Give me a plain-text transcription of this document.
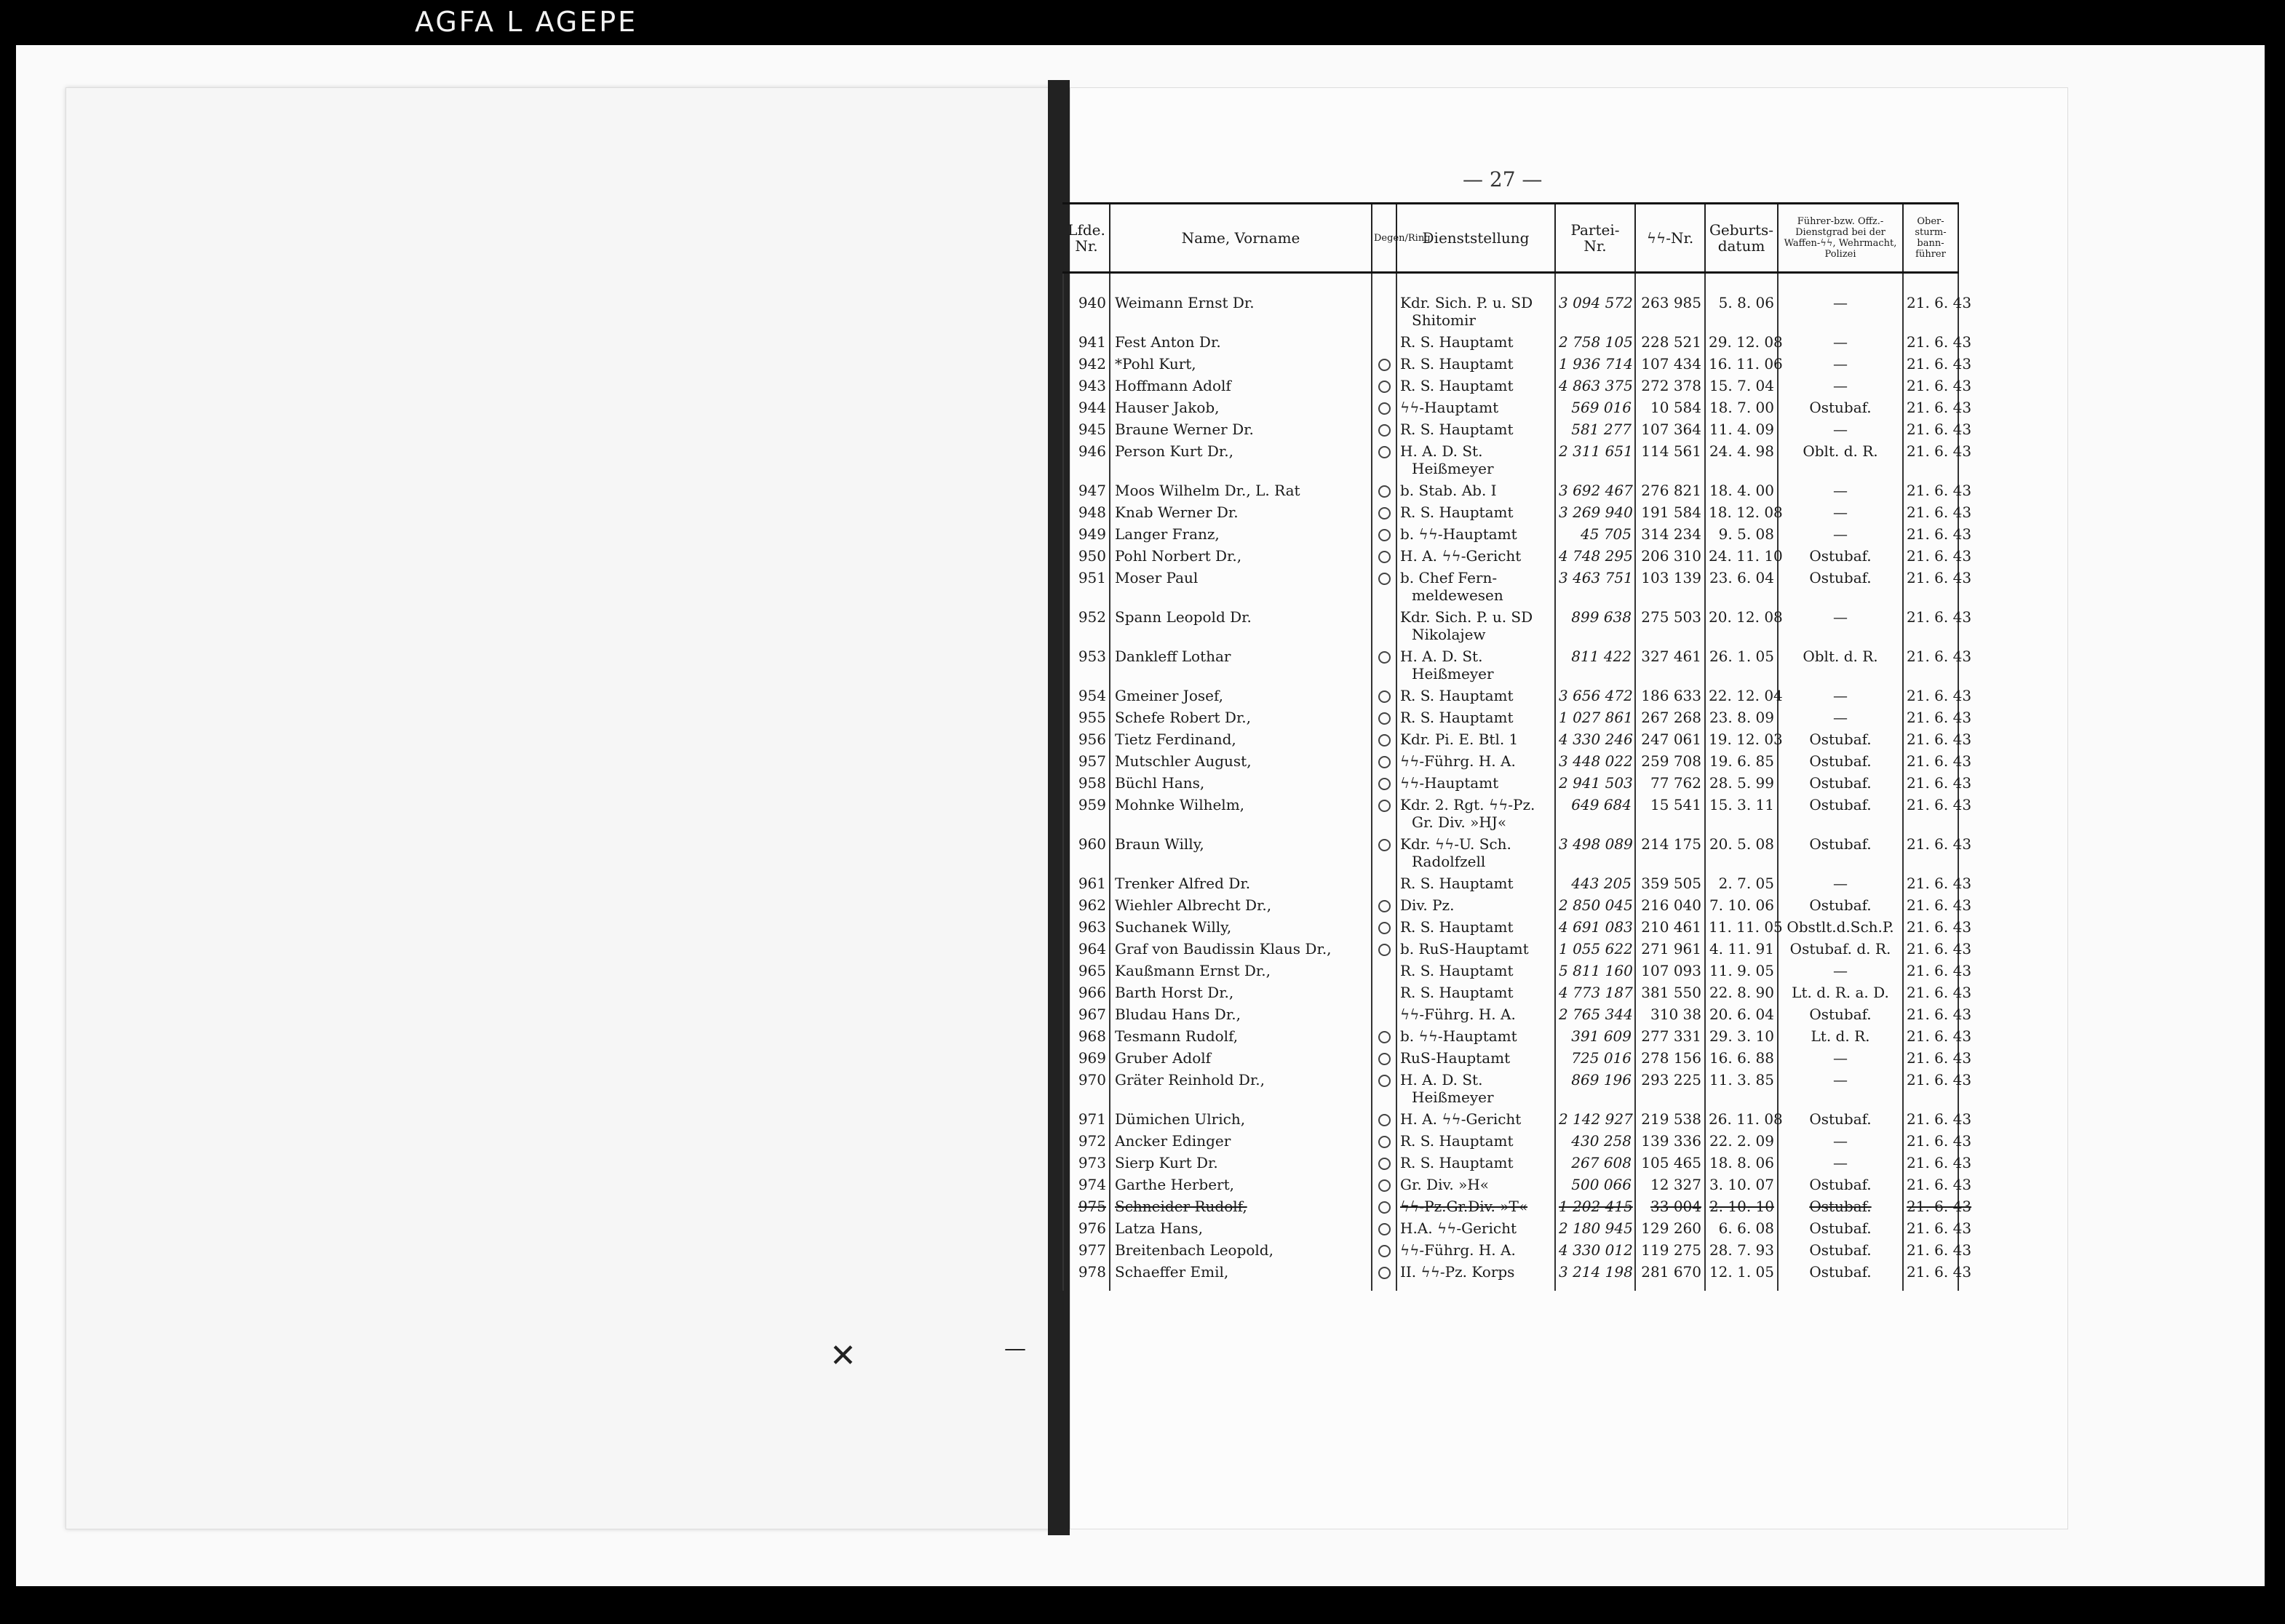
AGFA L AGEPE
✕	—
— 27 —
Lfde. Nr.	Name, Vorname	Degen/Ring	Dienststellung	Partei- Nr.	ϟϟ-Nr.	Geburts- datum	Führer-bzw. Offz.- Dienstgrad bei der Waffen-ϟϟ, Wehrmacht, Polizei	Ober- sturm- bann- führer
940	Weimann Ernst Dr.		Kdr. Sich. P. u. SD
Shitomir	3 094 572	263 985	5. 8. 06	—	21. 6. 43
941	Fest Anton Dr.		R. S. Hauptamt	2 758 105	228 521	29. 12. 08	—	21. 6. 43
942	*Pohl Kurt,		R. S. Hauptamt	1 936 714	107 434	16. 11. 06	—	21. 6. 43
943	Hoffmann Adolf		R. S. Hauptamt	4 863 375	272 378	15. 7. 04	—	21. 6. 43
944	Hauser Jakob,		ϟϟ-Hauptamt	569 016	10 584	18. 7. 00	Ostubaf.	21. 6. 43
945	Braune Werner Dr.		R. S. Hauptamt	581 277	107 364	11. 4. 09	—	21. 6. 43
946	Person Kurt Dr.,		H. A. D. St.
Heißmeyer	2 311 651	114 561	24. 4. 98	Oblt. d. R.	21. 6. 43
947	Moos Wilhelm Dr., L. Rat		b. Stab. Ab. I	3 692 467	276 821	18. 4. 00	—	21. 6. 43
948	Knab Werner Dr.		R. S. Hauptamt	3 269 940	191 584	18. 12. 08	—	21. 6. 43
949	Langer Franz,		b. ϟϟ-Hauptamt	45 705	314 234	9. 5. 08	—	21. 6. 43
950	Pohl Norbert Dr.,		H. A. ϟϟ-Gericht	4 748 295	206 310	24. 11. 10	Ostubaf.	21. 6. 43
951	Moser Paul		b. Chef Fern-
meldewesen	3 463 751	103 139	23. 6. 04	Ostubaf.	21. 6. 43
952	Spann Leopold Dr.		Kdr. Sich. P. u. SD
Nikolajew	899 638	275 503	20. 12. 08	—	21. 6. 43
953	Dankleff Lothar		H. A. D. St.
Heißmeyer	811 422	327 461	26. 1. 05	Oblt. d. R.	21. 6. 43
954	Gmeiner Josef,		R. S. Hauptamt	3 656 472	186 633	22. 12. 04	—	21. 6. 43
955	Schefe Robert Dr.,		R. S. Hauptamt	1 027 861	267 268	23. 8. 09	—	21. 6. 43
956	Tietz Ferdinand,		Kdr. Pi. E. Btl. 1	4 330 246	247 061	19. 12. 03	Ostubaf.	21. 6. 43
957	Mutschler August,		ϟϟ-Führg. H. A.	3 448 022	259 708	19. 6. 85	Ostubaf.	21. 6. 43
958	Büchl Hans,		ϟϟ-Hauptamt	2 941 503	77 762	28. 5. 99	Ostubaf.	21. 6. 43
959	Mohnke Wilhelm,		Kdr. 2. Rgt. ϟϟ-Pz.
Gr. Div. »HJ«	649 684	15 541	15. 3. 11	Ostubaf.	21. 6. 43
960	Braun Willy,		Kdr. ϟϟ-U. Sch.
Radolfzell	3 498 089	214 175	20. 5. 08	Ostubaf.	21. 6. 43
961	Trenker Alfred Dr.		R. S. Hauptamt	443 205	359 505	2. 7. 05	—	21. 6. 43
962	Wiehler Albrecht Dr.,		Div. Pz.	2 850 045	216 040	7. 10. 06	Ostubaf.	21. 6. 43
963	Suchanek Willy,		R. S. Hauptamt	4 691 083	210 461	11. 11. 05	Obstlt.d.Sch.P.	21. 6. 43
964	Graf von Baudissin Klaus Dr.,		b. RuS-Hauptamt	1 055 622	271 961	4. 11. 91	Ostubaf. d. R.	21. 6. 43
965	Kaußmann Ernst Dr.,		R. S. Hauptamt	5 811 160	107 093	11. 9. 05	—	21. 6. 43
966	Barth Horst Dr.,		R. S. Hauptamt	4 773 187	381 550	22. 8. 90	Lt. d. R. a. D.	21. 6. 43
967	Bludau Hans Dr.,		ϟϟ-Führg. H. A.	2 765 344	310 38	20. 6. 04	Ostubaf.	21. 6. 43
968	Tesmann Rudolf,		b. ϟϟ-Hauptamt	391 609	277 331	29. 3. 10	Lt. d. R.	21. 6. 43
969	Gruber Adolf		RuS-Hauptamt	725 016	278 156	16. 6. 88	—	21. 6. 43
970	Gräter Reinhold Dr.,		H. A. D. St.
Heißmeyer	869 196	293 225	11. 3. 85	—	21. 6. 43
971	Dümichen Ulrich,		H. A. ϟϟ-Gericht	2 142 927	219 538	26. 11. 08	Ostubaf.	21. 6. 43
972	Ancker Edinger		R. S. Hauptamt	430 258	139 336	22. 2. 09	—	21. 6. 43
973	Sierp Kurt Dr.		R. S. Hauptamt	267 608	105 465	18. 8. 06	—	21. 6. 43
974	Garthe Herbert,		Gr. Div. »H«	500 066	12 327	3. 10. 07	Ostubaf.	21. 6. 43
975	Schneider Rudolf,		ϟϟ-Pz.Gr.Div. »T«	1 202 415	33 004	2. 10. 10	Ostubaf.	21. 6. 43
976	Latza Hans,		H.A. ϟϟ-Gericht	2 180 945	129 260	6. 6. 08	Ostubaf.	21. 6. 43
977	Breitenbach Leopold,		ϟϟ-Führg. H. A.	4 330 012	119 275	28. 7. 93	Ostubaf.	21. 6. 43
978	Schaeffer Emil,		II. ϟϟ-Pz. Korps	3 214 198	281 670	12. 1. 05	Ostubaf.	21. 6. 43
